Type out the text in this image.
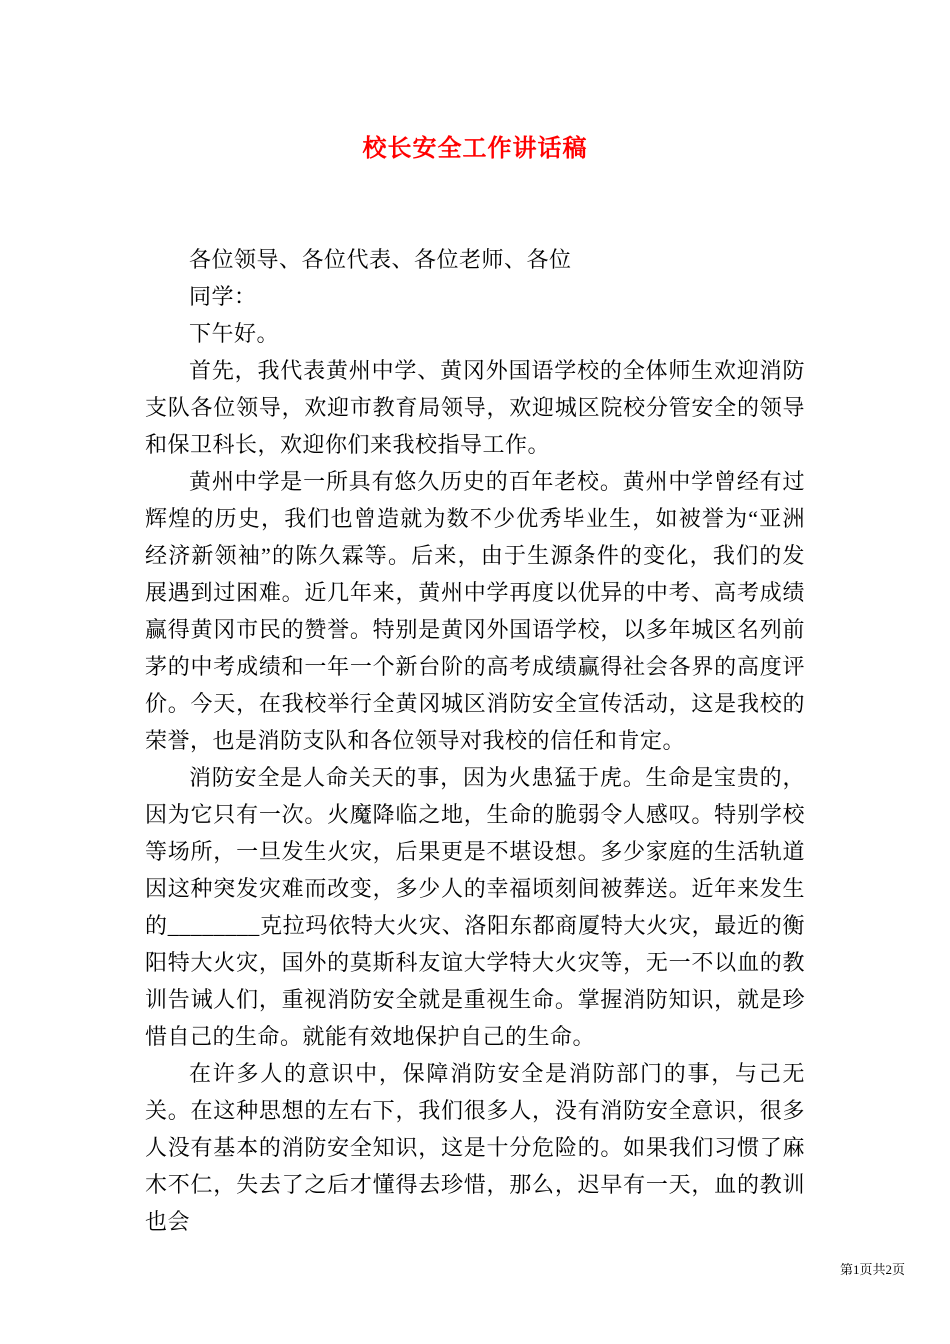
校长安全工作讲话稿

各位领导、各位代表、各位老师、各位

同学：

下午好。

首先，我代表黄州中学、黄冈外国语学校的全体师生欢迎消防支队各位领导，欢迎市教育局领导，欢迎城区院校分管安全的领导和保卫科长，欢迎你们来我校指导工作。

黄州中学是一所具有悠久历史的百年老校。黄州中学曾经有过辉煌的历史，我们也曾造就为数不少优秀毕业生，如被誉为“亚洲经济新领袖”的陈久霖等。后来，由于生源条件的变化，我们的发展遇到过困难。近几年来，黄州中学再度以优异的中考、高考成绩赢得黄冈市民的赞誉。特别是黄冈外国语学校，以多年城区名列前茅的中考成绩和一年一个新台阶的高考成绩赢得社会各界的高度评价。今天，在我校举行全黄冈城区消防安全宣传活动，这是我校的荣誉，也是消防支队和各位领导对我校的信任和肯定。

消防安全是人命关天的事，因为火患猛于虎。生命是宝贵的，因为它只有一次。火魔降临之地，生命的脆弱令人感叹。特别学校等场所，一旦发生火灾，后果更是不堪设想。多少家庭的生活轨道因这种突发灾难而改变，多少人的幸福顷刻间被葬送。近年来发生的________克拉玛依特大火灾、洛阳东都商厦特大火灾，最近的衡阳特大火灾，国外的莫斯科友谊大学特大火灾等，无一不以血的教训告诫人们，重视消防安全就是重视生命。掌握消防知识，就是珍惜自己的生命。就能有效地保护自己的生命。

在许多人的意识中，保障消防安全是消防部门的事，与己无关。在这种思想的左右下，我们很多人，没有消防安全意识，很多人没有基本的消防安全知识，这是十分危险的。如果我们习惯了麻木不仁，失去了之后才懂得去珍惜，那么，迟早有一天，血的教训也会

第1页共2页
